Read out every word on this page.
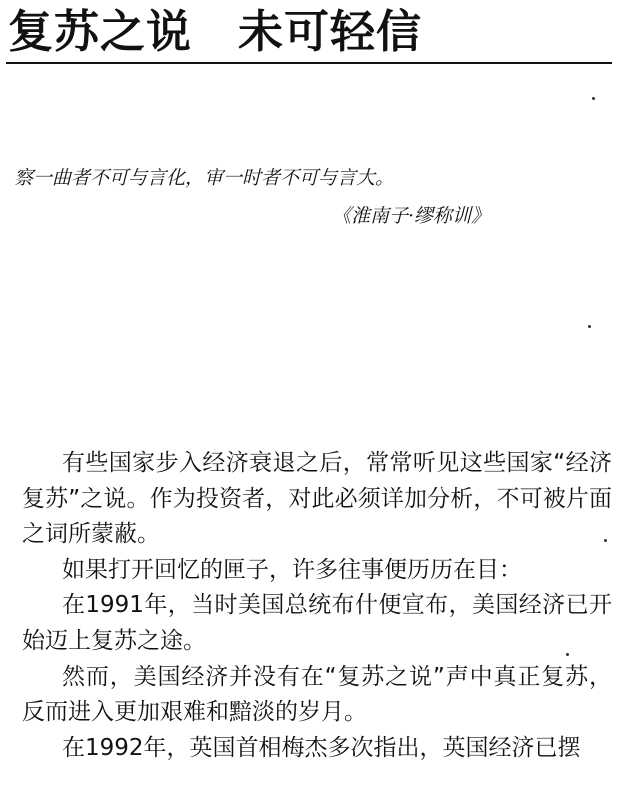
复苏之说　未可轻信
察一曲者不可与言化，审一时者不可与言大。
《淮南子·缪称训》

有些国家步入经济衰退之后，常常听见这些国家“经济复苏”之说。作为投资者，对此必须详加分析，不可被片面之词所蒙蔽。

如果打开回忆的匣子，许多往事便历历在目：

在1991年，当时美国总统布什便宣布，美国经济已开始迈上复苏之途。

然而，美国经济并没有在“复苏之说”声中真正复苏，反而进入更加艰难和黯淡的岁月。

在1992年，英国首相梅杰多次指出，英国经济已摆
